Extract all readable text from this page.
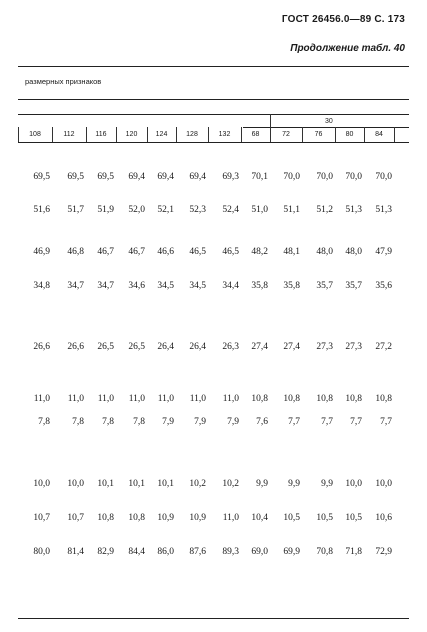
ГОСТ 26456.0—89 С. 173
Продолжение табл. 40
размерных признаков
30
108	112	116	120	124	128	132	68	72	76	80	84
69,5	69,5	69,5	69,4	69,4	69,4	69,3	70,1	70,0	70,0	70,0	70,0
51,6	51,7	51,9	52,0	52,1	52,3	52,4	51,0	51,1	51,2	51,3	51,3
46,9	46,8	46,7	46,7	46,6	46,5	46,5	48,2	48,1	48,0	48,0	47,9
34,8	34,7	34,7	34,6	34,5	34,5	34,4	35,8	35,8	35,7	35,7	35,6
26,6	26,6	26,5	26,5	26,4	26,4	26,3	27,4	27,4	27,3	27,3	27,2
11,0	11,0	11,0	11,0	11,0	11,0	11,0	10,8	10,8	10,8	10,8	10,8
7,8	7,8	7,8	7,8	7,9	7,9	7,9	7,6	7,7	7,7	7,7	7,7
10,0	10,0	10,1	10,1	10,1	10,2	10,2	9,9	9,9	9,9	10,0	10,0
10,7	10,7	10,8	10,8	10,9	10,9	11,0	10,4	10,5	10,5	10,5	10,6
80,0	81,4	82,9	84,4	86,0	87,6	89,3	69,0	69,9	70,8	71,8	72,9
